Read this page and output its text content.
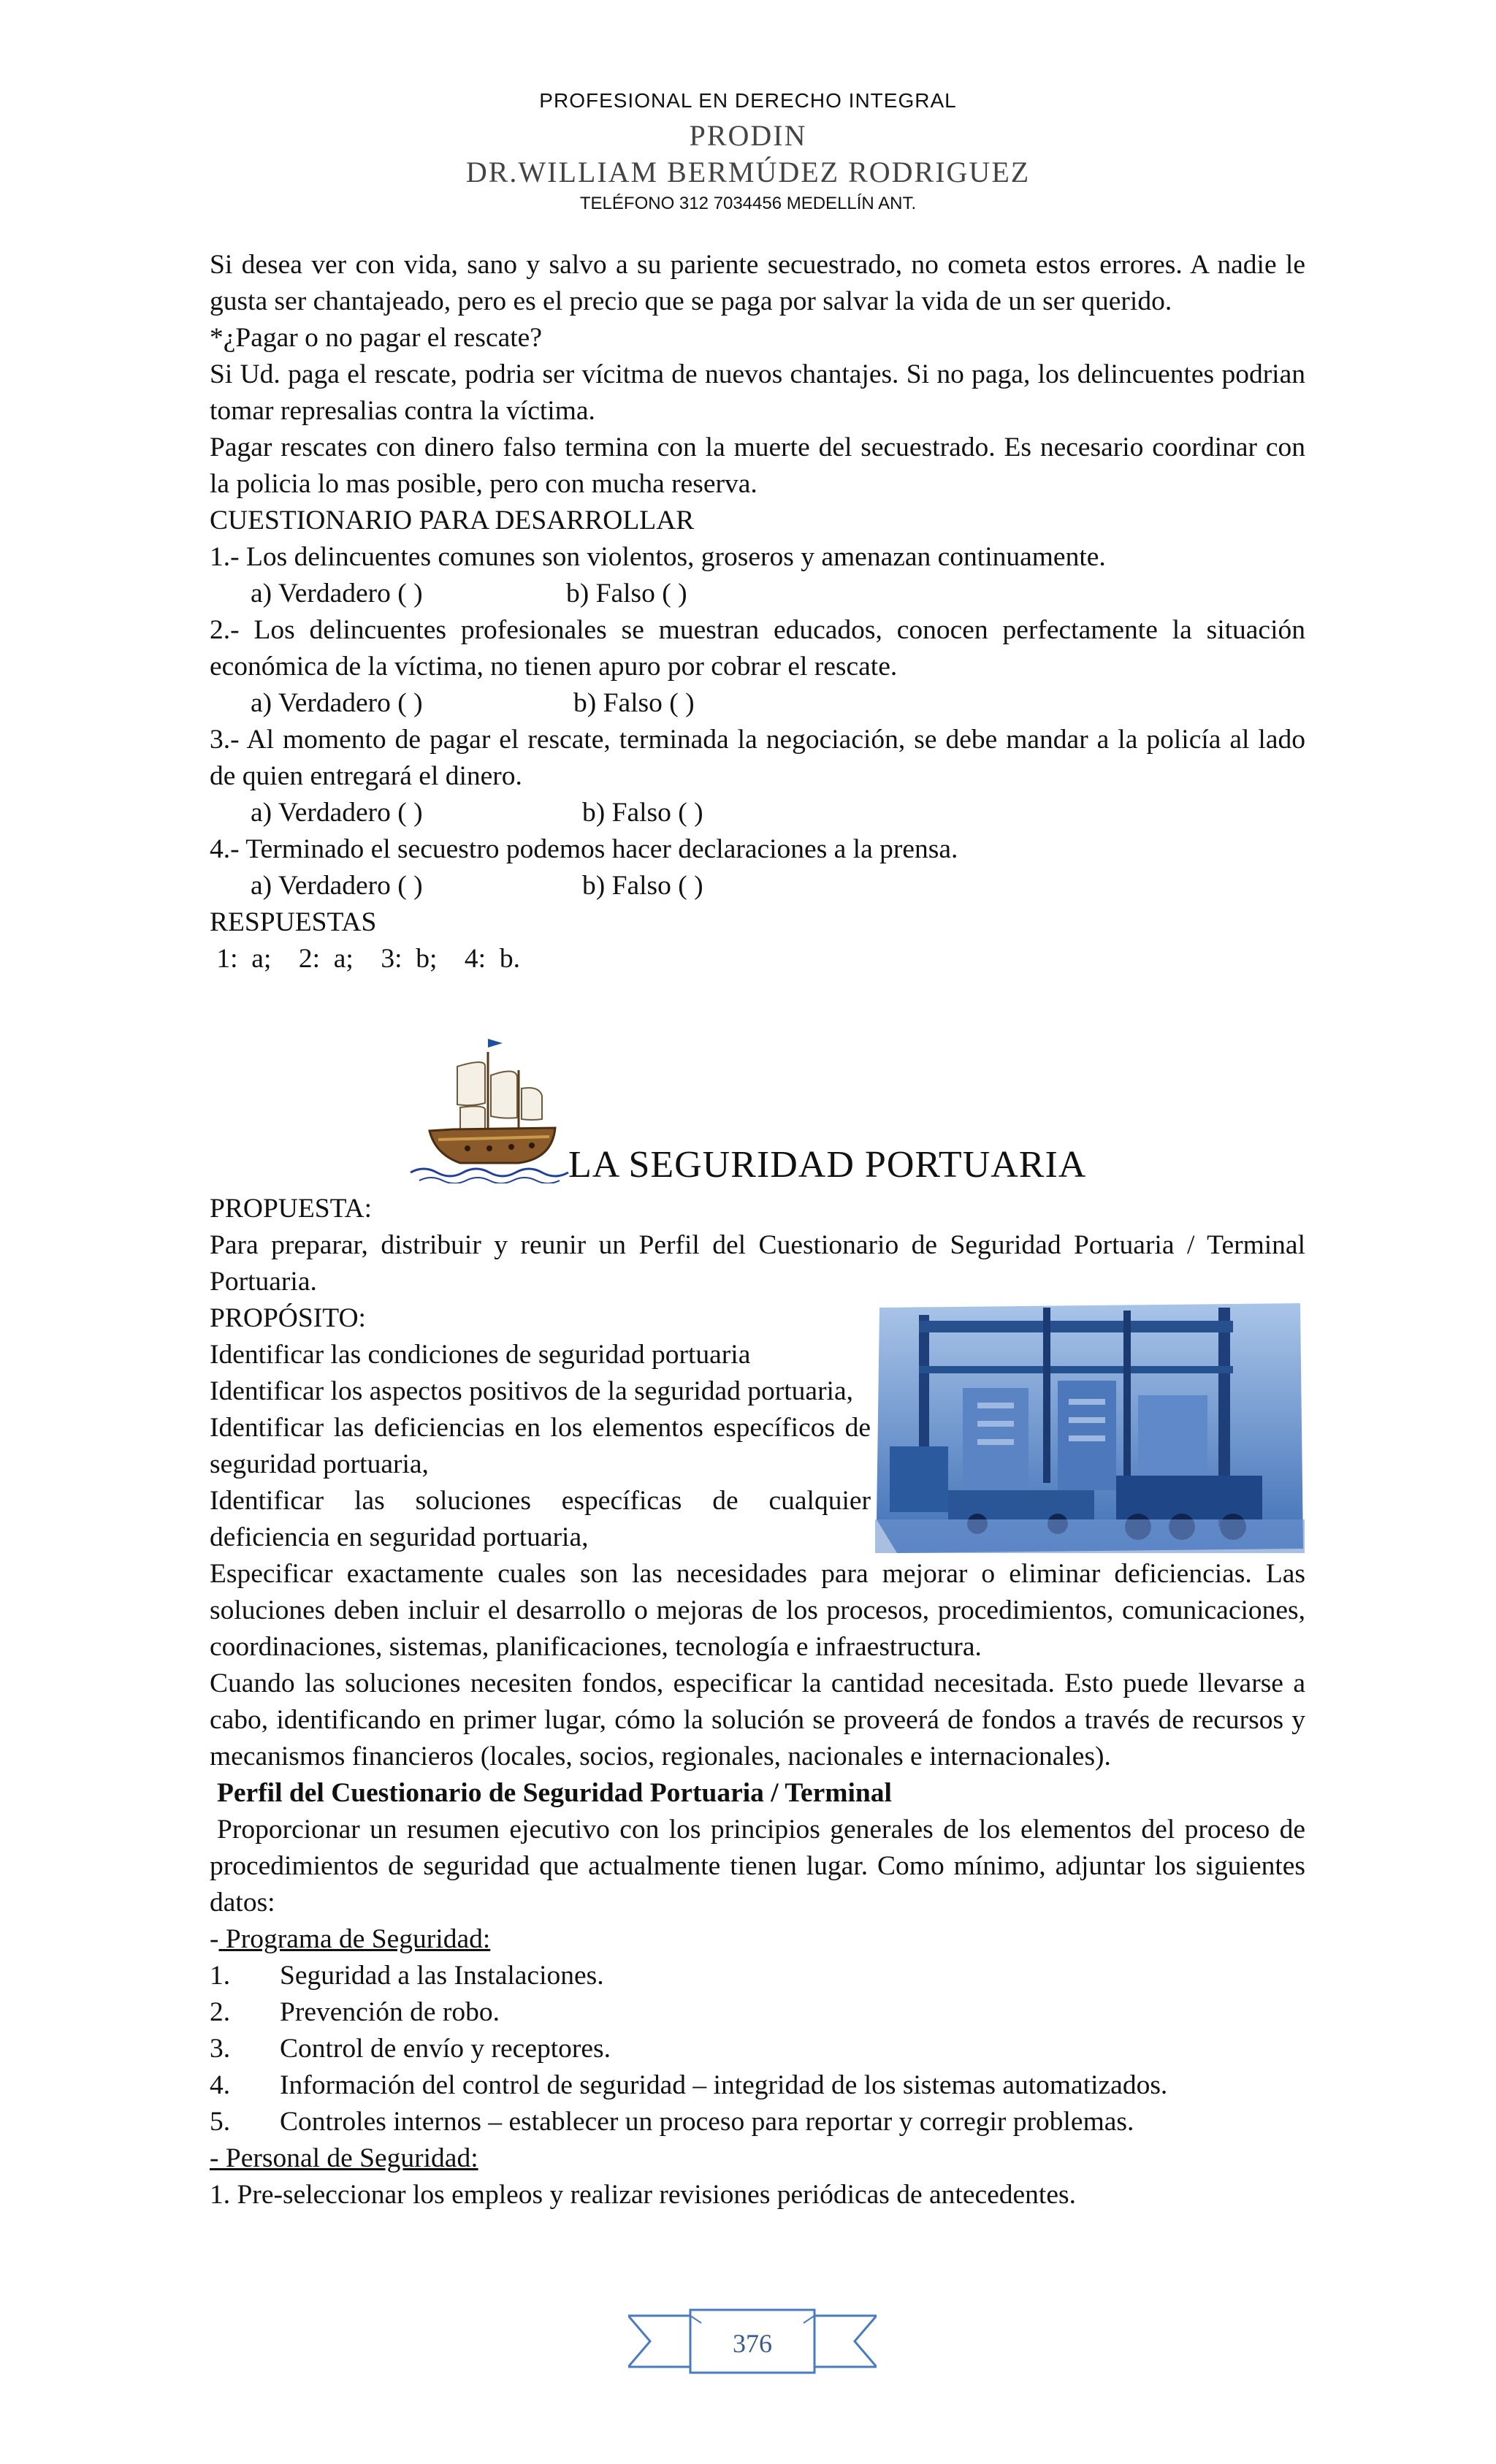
PROFESIONAL EN DERECHO INTEGRAL
PRODIN
DR.WILLIAM BERMÚDEZ RODRIGUEZ
TELÉFONO 312 7034456 MEDELLÍN ANT.

Si desea ver con vida, sano y salvo a su pariente secuestrado, no cometa estos errores. A nadie le gusta ser chantajeado, pero es el precio que se paga por salvar la vida de un ser querido.

*¿Pagar o no pagar el rescate?

Si Ud. paga el rescate, podria ser vícitma de nuevos chantajes. Si no paga, los delincuentes podrian tomar represalias contra la víctima.

Pagar rescates con dinero falso termina con la muerte del secuestrado. Es necesario coordinar con la policia lo mas posible, pero con mucha reserva.

CUESTIONARIO PARA DESARROLLAR

1.- Los delincuentes comunes son violentos, groseros y amenazan continuamente.

a) Verdadero ( )	b) Falso ( )

2.- Los delincuentes profesionales se muestran educados, conocen perfectamente la situación económica de la víctima, no tienen apuro por cobrar el rescate.

a) Verdadero ( )	b) Falso ( )

3.- Al momento de pagar el rescate, terminada la negociación, se debe mandar a la policía al lado de quien entregará el dinero.

a) Verdadero ( )	b) Falso ( )

4.- Terminado el secuestro podemos hacer declaraciones a la prensa.

a) Verdadero ( )	b) Falso ( )

RESPUESTAS

1:  a;    2:  a;    3:  b;    4:  b.

LA SEGURIDAD PORTUARIA

PROPUESTA:

Para preparar, distribuir y reunir un Perfil del Cuestionario de Seguridad Portuaria / Terminal Portuaria.

PROPÓSITO:

Identificar las condiciones de seguridad portuaria

Identificar los aspectos positivos de la seguridad portuaria,

Identificar las deficiencias en los elementos específicos de seguridad portuaria,

Identificar las soluciones específicas de cualquier deficiencia en seguridad portuaria,

Especificar exactamente cuales son las necesidades para mejorar o eliminar deficiencias. Las soluciones deben incluir el desarrollo o mejoras de los procesos, procedimientos, comunicaciones, coordinaciones, sistemas, planificaciones, tecnología e infraestructura.

Cuando las soluciones necesiten fondos, especificar la cantidad necesitada. Esto puede llevarse a cabo, identificando en primer lugar, cómo la solución se proveerá de fondos a través de recursos y mecanismos financieros (locales, socios, regionales, nacionales e internacionales).

Perfil del Cuestionario de Seguridad Portuaria / Terminal

Proporcionar un resumen ejecutivo con los principios generales de los elementos del proceso de procedimientos de seguridad que actualmente tienen lugar. Como mínimo, adjuntar los siguientes datos:

- Programa de Seguridad:

1. Seguridad a las Instalaciones.

2. Prevención de robo.

3. Control de envío y receptores.

4. Información del control de seguridad – integridad de los sistemas automatizados.

5. Controles internos – establecer un proceso para reportar y corregir problemas.

- Personal de Seguridad:

1. Pre-seleccionar los empleos y realizar revisiones periódicas de antecedentes.

376
